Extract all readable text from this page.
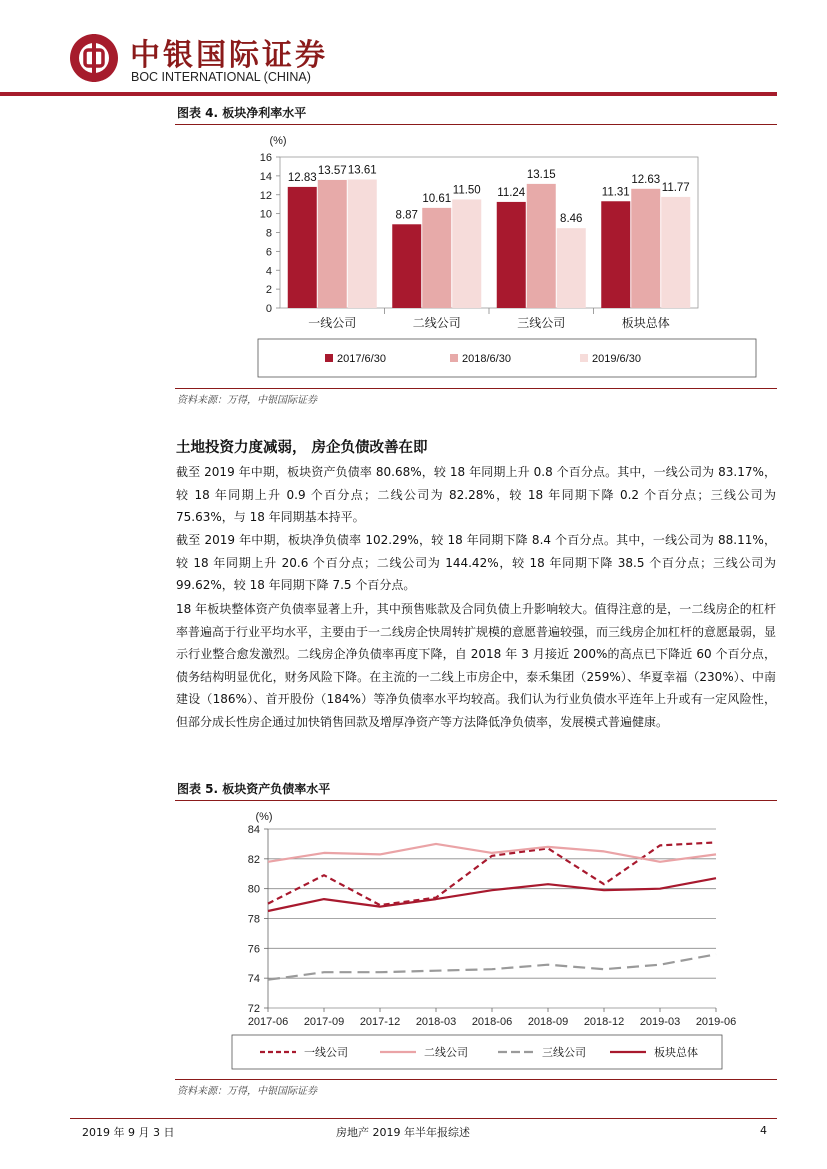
中银国际证券
BOC INTERNATIONAL (CHINA)
图表 4. 板块净利率水平
(%)
0
2
4
6
8
10
12
14
16
一线公司
12.83
13.57 13.61
二线公司
8.87
10.61
11.50
三线公司
11.24
13.15
8.46
板块总体
11.31
12.63
11.77
2017/6/30	2018/6/30	2019/6/30
资料来源：万得，中银国际证券
土地投资力度减弱， 房企负债改善在即
截至 2019 年中期，板块资产负债率 80.68%，较 18 年同期上升 0.8 个百分点。其中，一线公司为 83.17%，较 18 年同期上升 0.9 个百分点；二线公司为 82.28%，较 18 年同期下降 0.2 个百分点；三线公司为 75.63%，与 18 年同期基本持平。
截至 2019 年中期，板块净负债率 102.29%，较 18 年同期下降 8.4 个百分点。其中，一线公司为 88.11%，较 18 年同期上升 20.6 个百分点；二线公司为 144.42%，较 18 年同期下降 38.5 个百分点；三线公司为 99.62%，较 18 年同期下降 7.5 个百分点。
18 年板块整体资产负债率显著上升，其中预售账款及合同负债上升影响较大。值得注意的是，一二线房企的杠杆率普遍高于行业平均水平，主要由于一二线房企快周转扩规模的意愿普遍较强，而三线房企加杠杆的意愿最弱，显示行业整合愈发激烈。二线房企净负债率再度下降，自 2018 年 3 月接近 200%的高点已下降近 60 个百分点，债务结构明显优化，财务风险下降。在主流的一二线上市房企中，泰禾集团（259%）、华夏幸福（230%）、中南建设（186%）、首开股份（184%）等净负债率水平均较高。我们认为行业负债水平连年上升或有一定风险性，但部分成长性房企通过加快销售回款及增厚净资产等方法降低净负债率，发展模式普遍健康。
图表 5. 板块资产负债率水平
(%)
72
74
76
78
80
82
84
2017-06 2017-09 2017-12 2018-03 2018-06 2018-09 2018-12 2019-03 2019-06
一线公司	二线公司	三线公司	板块总体
资料来源：万得，中银国际证券
2019 年 9 月 3 日	房地产 2019 年半年报综述	4
